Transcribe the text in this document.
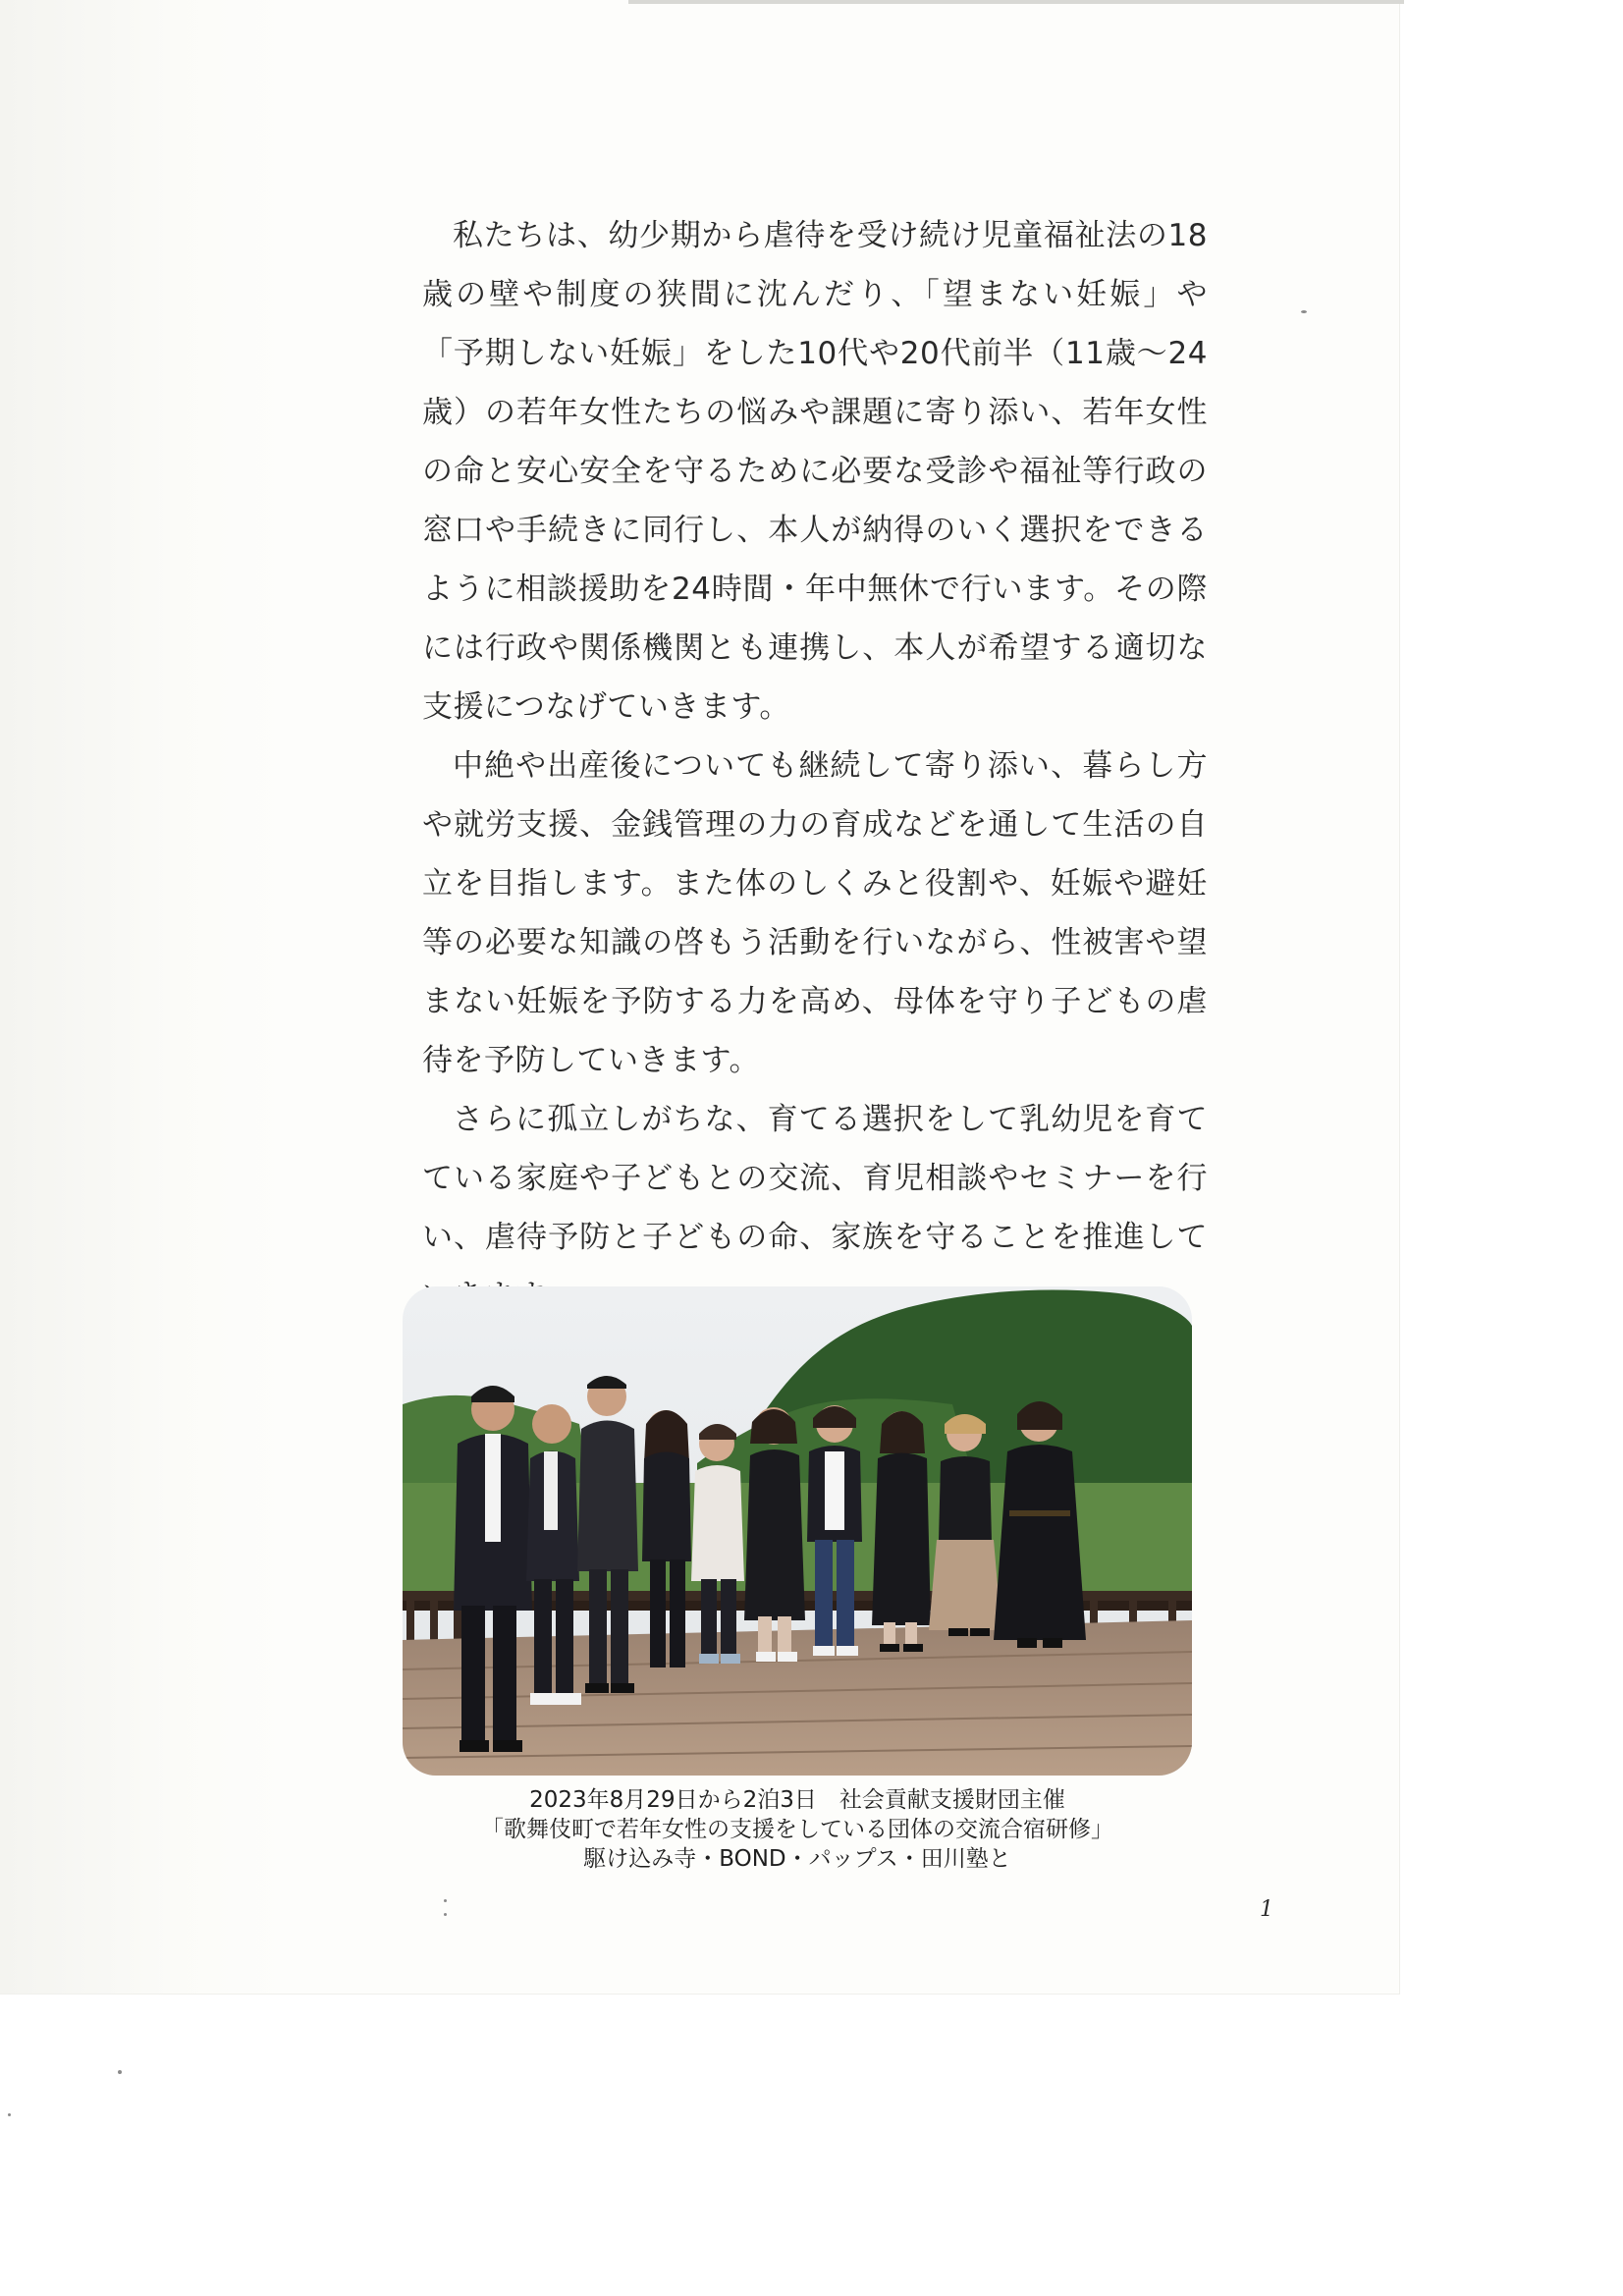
私たちは、幼少期から虐待を受け続け児童福祉法の18歳の壁や制度の狭間に沈んだり、「望まない妊娠」や「予期しない妊娠」をした10代や20代前半（11歳～24歳）の若年女性たちの悩みや課題に寄り添い、若年女性の命と安心安全を守るために必要な受診や福祉等行政の窓口や手続きに同行し、本人が納得のいく選択をできるように相談援助を24時間・年中無休で行います。その際には行政や関係機関とも連携し、本人が希望する適切な支援につなげていきます。

中絶や出産後についても継続して寄り添い、暮らし方や就労支援、金銭管理の力の育成などを通して生活の自立を目指します。また体のしくみと役割や、妊娠や避妊等の必要な知識の啓もう活動を行いながら、性被害や望まない妊娠を予防する力を高め、母体を守り子どもの虐待を予防していきます。

さらに孤立しがちな、育てる選択をして乳幼児を育てている家庭や子どもとの交流、育児相談やセミナーを行い、虐待予防と子どもの命、家族を守ることを推進して

2023年8月29日から2泊3日　社会貢献支援財団主催
「歌舞伎町で若年女性の支援をしている団体の交流合宿研修」
駆け込み寺・BOND・パップス・田川塾と
1
